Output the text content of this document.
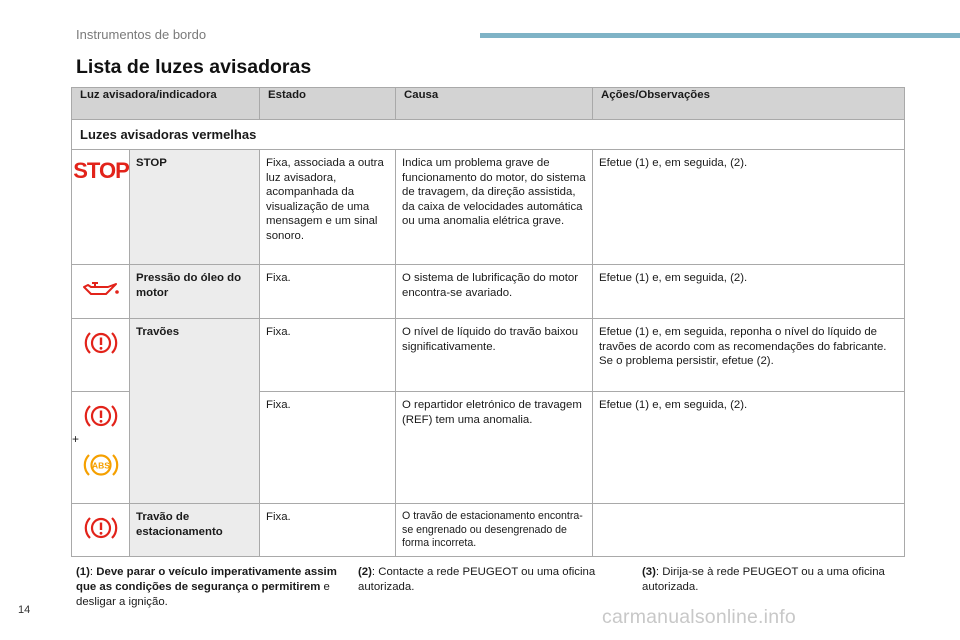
Instrumentos de bordo
Lista de luzes avisadoras
Luz avisadora/indicadora		Estado	Causa	Ações/Observações
Luzes avisadoras vermelhas				

STOP	STOP	Fixa, associada a outra luz avisadora, acompanhada da visualização de uma mensagem e um sinal sonoro.	Indica um problema grave de funcionamento do motor, do sistema de travagem, da direção assistida, da caixa de velocidades automática ou uma anomalia elétrica grave.	Efetue (1) e, em seguida, (2).

	Pressão do óleo do motor	Fixa.	O sistema de lubrificação do motor encontra-se avariado.	Efetue (1) e, em seguida, (2).

	Travões	Fixa.	O nível de líquido do travão baixou significativamente.	Efetue (1) e, em seguida, reponha o nível do líquido de travões de acordo com as recomendações do fabricante. Se o problema persistir, efetue (2).

+
ABS		Fixa.	O repartidor eletrónico de travagem (REF) tem uma anomalia.	Efetue (1) e, em seguida, (2).

	Travão de estacionamento	Fixa.	O travão de estacionamento encontra-se engrenado ou desengrenado de forma incorreta.	
(1): Deve parar o veículo imperativamente assim que as condições de segurança o permitirem e desligar a ignição.
(2): Contacte a rede PEUGEOT ou uma oficina autorizada.
(3): Dirija-se à rede PEUGEOT ou a uma oficina autorizada.
14	carmanualsonline.info
